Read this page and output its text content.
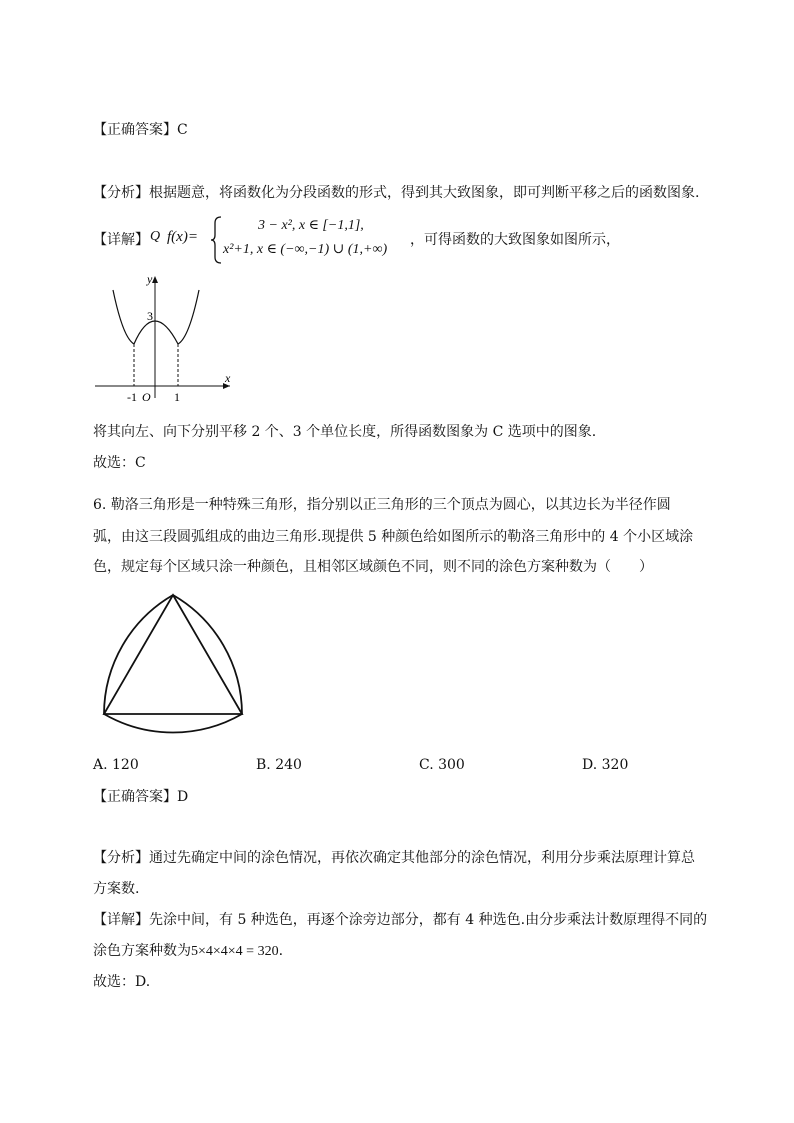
【正确答案】C
【分析】根据题意，将函数化为分段函数的形式，得到其大致图象，即可判断平移之后的函数图象.
【详解】 Q f(x)=
3 − x², x ∈ [−1,1],
x²+1, x ∈ (−∞,−1) ∪ (1,+∞)
，可得函数的大致图象如图所示，
y
x
3
-1 O 1
将其向左、向下分别平移 2 个、3 个单位长度，所得函数图象为 C 选项中的图象.
故选：C
6. 勒洛三角形是一种特殊三角形，指分别以正三角形的三个顶点为圆心，以其边长为半径作圆
弧，由这三段圆弧组成的曲边三角形.现提供 5 种颜色给如图所示的勒洛三角形中的 4 个小区域涂
色，规定每个区域只涂一种颜色，且相邻区域颜色不同，则不同的涂色方案种数为（　　）
A. 120	B. 240	C. 300	D. 320
【正确答案】D
【分析】通过先确定中间的涂色情况，再依次确定其他部分的涂色情况，利用分步乘法原理计算总
方案数.
【详解】先涂中间，有 5 种选色，再逐个涂旁边部分，都有 4 种选色.由分步乘法计数原理得不同的
涂色方案种数为5×4×4×4 = 320.
故选：D.
